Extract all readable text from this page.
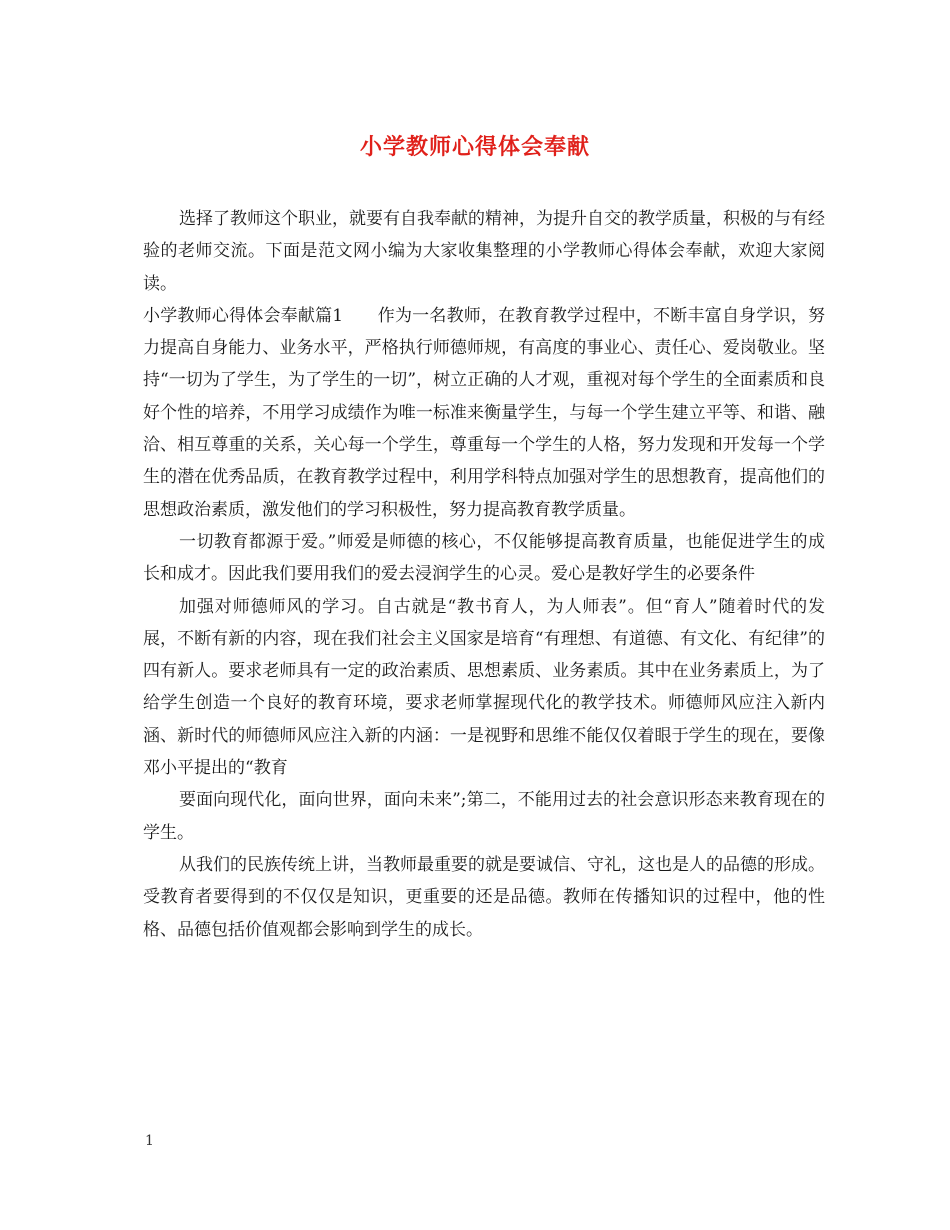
小学教师心得体会奉献

选择了教师这个职业，就要有自我奉献的精神，为提升自交的教学质量，积极的与有经验的老师交流。下面是范文网小编为大家收集整理的小学教师心得体会奉献，欢迎大家阅读。

小学教师心得体会奉献篇1　　作为一名教师，在教育教学过程中，不断丰富自身学识，努力提高自身能力、业务水平，严格执行师德师规，有高度的事业心、责任心、爱岗敬业。坚持“一切为了学生，为了学生的一切”，树立正确的人才观，重视对每个学生的全面素质和良好个性的培养，不用学习成绩作为唯一标准来衡量学生，与每一个学生建立平等、和谐、融洽、相互尊重的关系，关心每一个学生，尊重每一个学生的人格，努力发现和开发每一个学生的潜在优秀品质，在教育教学过程中，利用学科特点加强对学生的思想教育，提高他们的思想政治素质，激发他们的学习积极性，努力提高教育教学质量。

一切教育都源于爱。”师爱是师德的核心，不仅能够提高教育质量，也能促进学生的成长和成才。因此我们要用我们的爱去浸润学生的心灵。爱心是教好学生的必要条件

加强对师德师风的学习。自古就是“教书育人，为人师表”。但“育人”随着时代的发展，不断有新的内容，现在我们社会主义国家是培育“有理想、有道德、有文化、有纪律”的四有新人。要求老师具有一定的政治素质、思想素质、业务素质。其中在业务素质上，为了给学生创造一个良好的教育环境，要求老师掌握现代化的教学技术。师德师风应注入新内涵、新时代的师德师风应注入新的内涵：一是视野和思维不能仅仅着眼于学生的现在，要像邓小平提出的“教育

要面向现代化，面向世界，面向未来”;第二，不能用过去的社会意识形态来教育现在的学生。

从我们的民族传统上讲，当教师最重要的就是要诚信、守礼，这也是人的品德的形成。受教育者要得到的不仅仅是知识，更重要的还是品德。教师在传播知识的过程中，他的性格、品德包括价值观都会影响到学生的成长。

1
